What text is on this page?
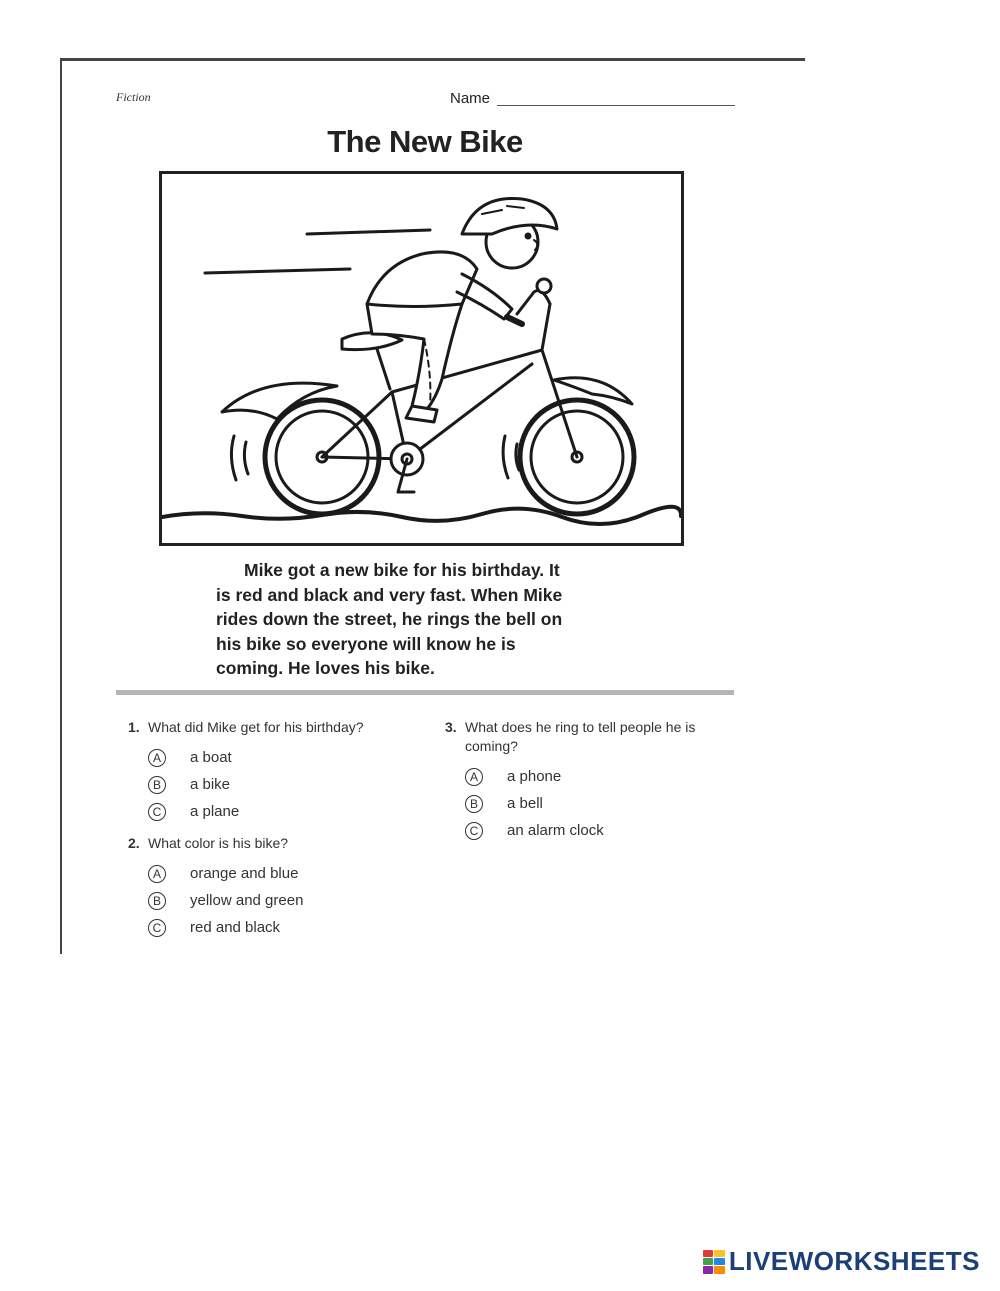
Fiction	Name
The New Bike
Mike got a new bike for his birthday. It
is red and black and very fast. When Mike
rides down the street, he rings the bell on
his bike so everyone will know he is
coming. He loves his bike.
1. What did Mike get for his birthday?
A	a boat
B	a bike
C	a plane
2. What color is his bike?
A	orange and blue
B	yellow and green
C	red and black
3. What does he ring to tell people he is coming?
A	a phone
B	a bell
C	an alarm clock
LIVEWORKSHEETS
